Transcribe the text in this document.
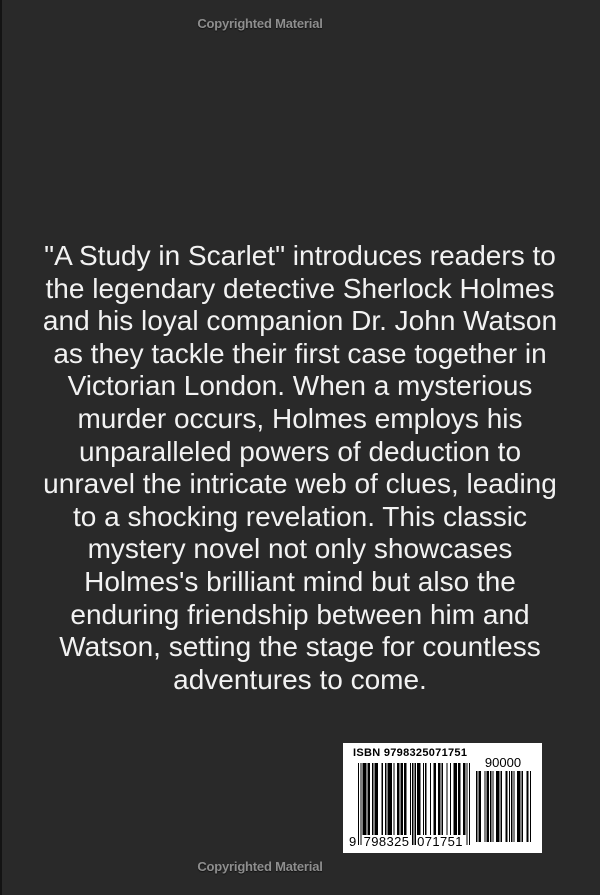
Copyrighted Material
"A Study in Scarlet" introduces readers to
the legendary detective Sherlock Holmes
and his loyal companion Dr. John Watson
as they tackle their first case together in
Victorian London. When a mysterious
murder occurs, Holmes employs his
unparalleled powers of deduction to
unravel the intricate web of clues, leading
to a shocking revelation. This classic
mystery novel not only showcases
Holmes's brilliant mind but also the
enduring friendship between him and
Watson, setting the stage for countless
adventures to come.
ISBN 9798325071751
9 798325 071751
90000
Copyrighted Material
